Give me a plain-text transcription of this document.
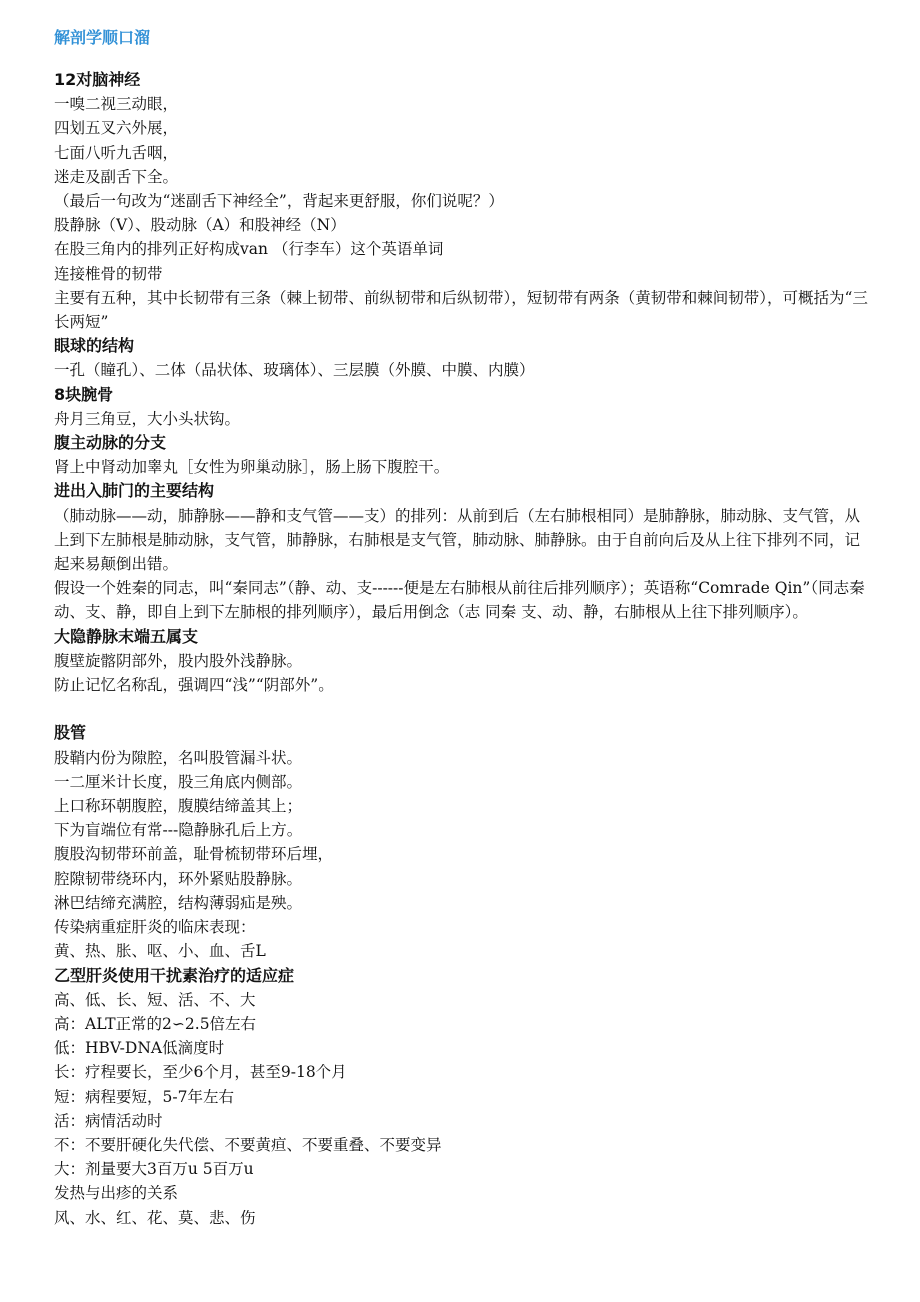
解剖学顺口溜
12对脑神经
一嗅二视三动眼，
四划五叉六外展，
七面八听九舌咽，
迷走及副舌下全。
（最后一句改为“迷副舌下神经全”，背起来更舒服，你们说呢？）
股静脉（V）、股动脉（A）和股神经（N）
在股三角内的排列正好构成van （行李车）这个英语单词
连接椎骨的韧带
主要有五种，其中长韧带有三条（棘上韧带、前纵韧带和后纵韧带），短韧带有两条（黄韧带和棘间韧带），可概括为“三长两短”
眼球的结构
一孔（瞳孔）、二体（品状体、玻璃体）、三层膜（外膜、中膜、内膜）
8块腕骨
舟月三角豆，大小头状钩。
腹主动脉的分支
肾上中肾动加睾丸［女性为卵巢动脉］，肠上肠下腹腔干。
进出入肺门的主要结构
（肺动脉——动，肺静脉——静和支气管——支）的排列：从前到后（左右肺根相同）是肺静脉，肺动脉、支气管，从上到下左肺根是肺动脉，支气管，肺静脉，右肺根是支气管，肺动脉、肺静脉。由于自前向后及从上往下排列不同，记起来易颠倒出错。
假设一个姓秦的同志，叫“秦同志”（静、动、支------便是左右肺根从前往后排列顺序）；英语称“Comrade Qin”（同志秦 动、支、静，即自上到下左肺根的排列顺序），最后用倒念（志 同秦 支、动、静，右肺根从上往下排列顺序）。
大隐静脉末端五属支
腹壁旋髂阴部外，股内股外浅静脉。
防止记忆名称乱，强调四“浅”“阴部外”。
股管
股鞘内份为隙腔，名叫股管漏斗状。
一二厘米计长度，股三角底内侧部。
上口称环朝腹腔，腹膜结缔盖其上；
下为盲端位有常---隐静脉孔后上方。
腹股沟韧带环前盖，耻骨梳韧带环后埋，
腔隙韧带绕环内，环外紧贴股静脉。
淋巴结缔充满腔，结构薄弱疝是殃。
传染病重症肝炎的临床表现：
黄、热、胀、呕、小、血、舌L
乙型肝炎使用干扰素治疗的适应症
高、低、长、短、活、不、大
高：ALT正常的2∽2.5倍左右
低：HBV-DNA低滴度时
长：疗程要长，至少6个月，甚至9-18个月
短：病程要短，5-7年左右
活：病情活动时
不：不要肝硬化失代偿、不要黄疸、不要重叠、不要变异
大：剂量要大3百万u 5百万u
发热与出疹的关系
风、水、红、花、莫、悲、伤
